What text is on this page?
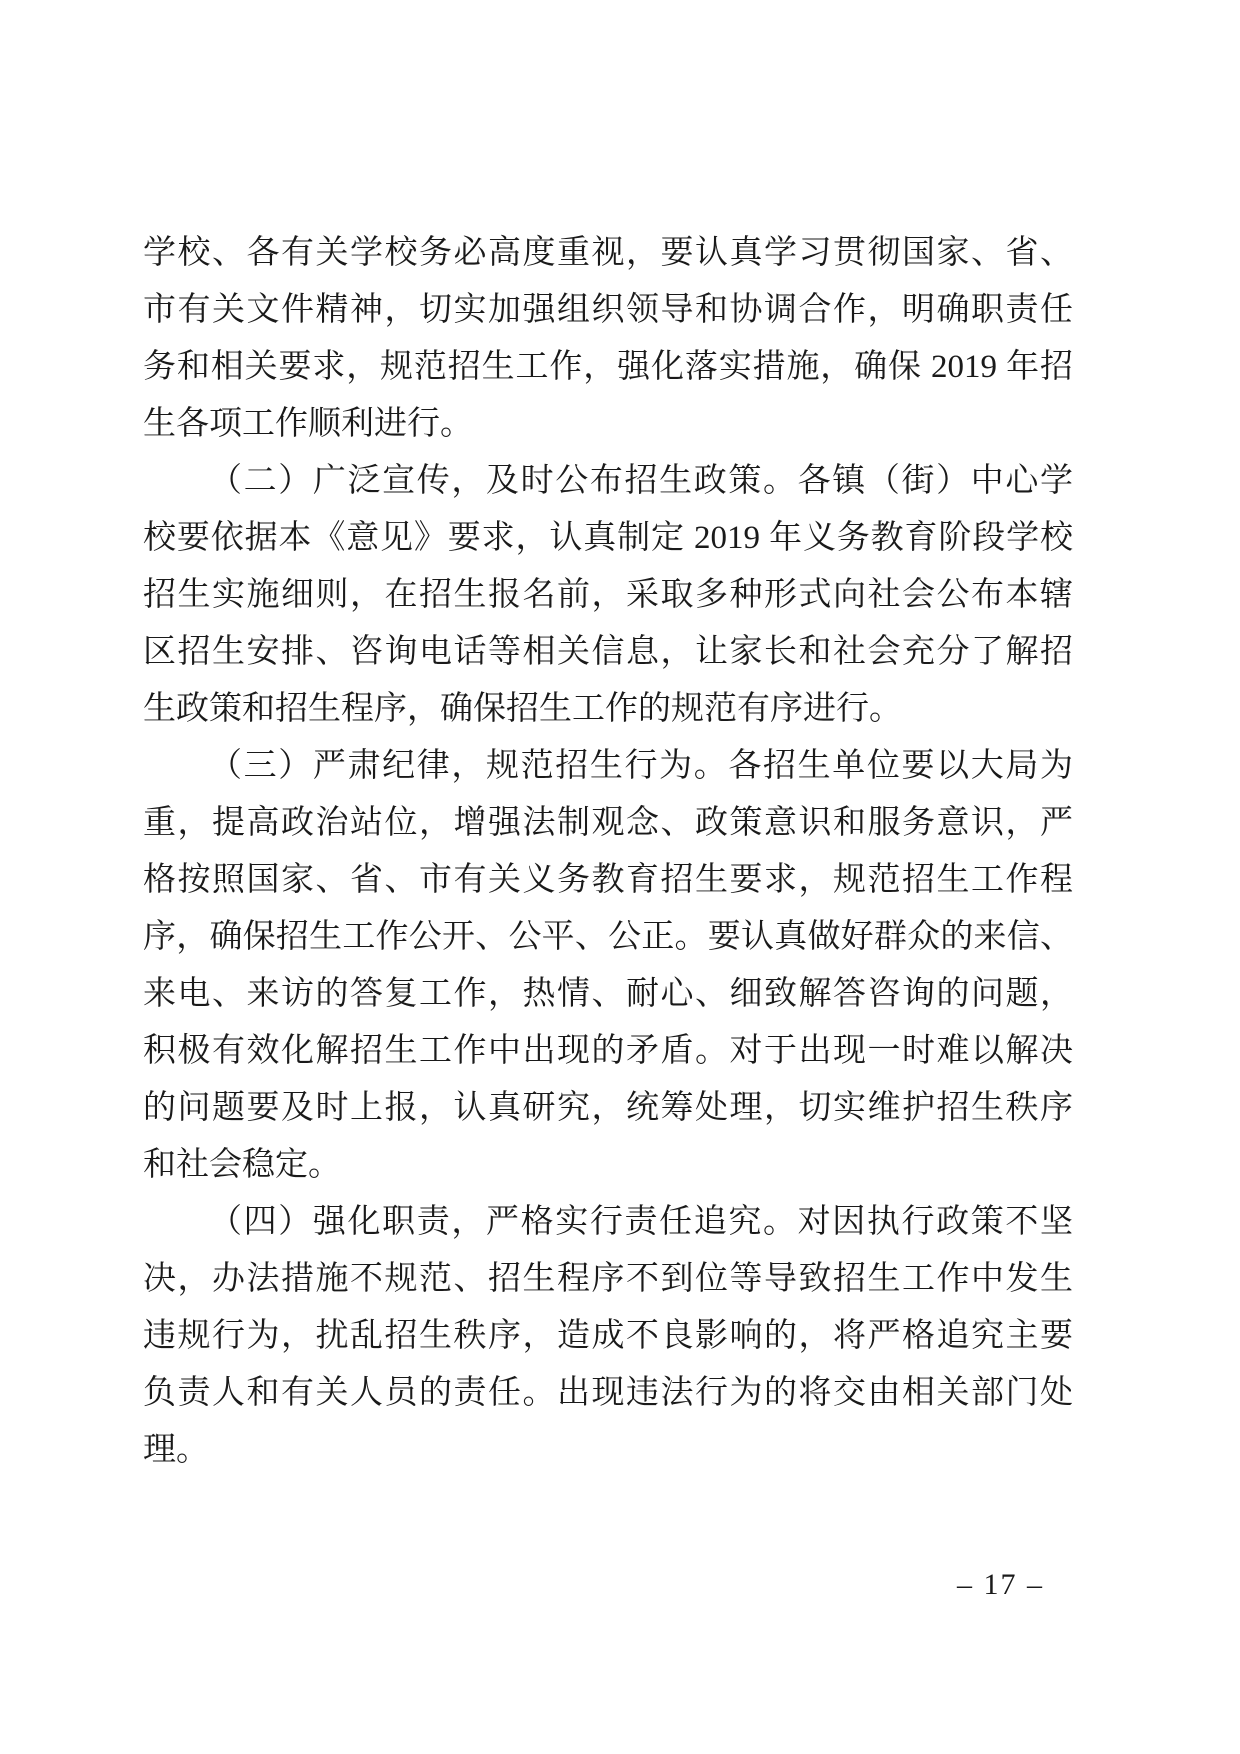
学校、各有关学校务必高度重视，要认真学习贯彻国家、省、
市有关文件精神，切实加强组织领导和协调合作，明确职责任
务和相关要求，规范招生工作，强化落实措施，确保 2019 年招
生各项工作顺利进行。
（二）广泛宣传，及时公布招生政策。各镇（街）中心学
校要依据本《意见》要求，认真制定 2019 年义务教育阶段学校
招生实施细则，在招生报名前，采取多种形式向社会公布本辖
区招生安排、咨询电话等相关信息，让家长和社会充分了解招
生政策和招生程序，确保招生工作的规范有序进行。
（三）严肃纪律，规范招生行为。各招生单位要以大局为
重，提高政治站位，增强法制观念、政策意识和服务意识，严
格按照国家、省、市有关义务教育招生要求，规范招生工作程
序，确保招生工作公开、公平、公正。要认真做好群众的来信、
来电、来访的答复工作，热情、耐心、细致解答咨询的问题，
积极有效化解招生工作中出现的矛盾。对于出现一时难以解决
的问题要及时上报，认真研究，统筹处理，切实维护招生秩序
和社会稳定。
（四）强化职责，严格实行责任追究。对因执行政策不坚
决，办法措施不规范、招生程序不到位等导致招生工作中发生
违规行为，扰乱招生秩序，造成不良影响的，将严格追究主要
负责人和有关人员的责任。出现违法行为的将交由相关部门处
理。
– 17 –
